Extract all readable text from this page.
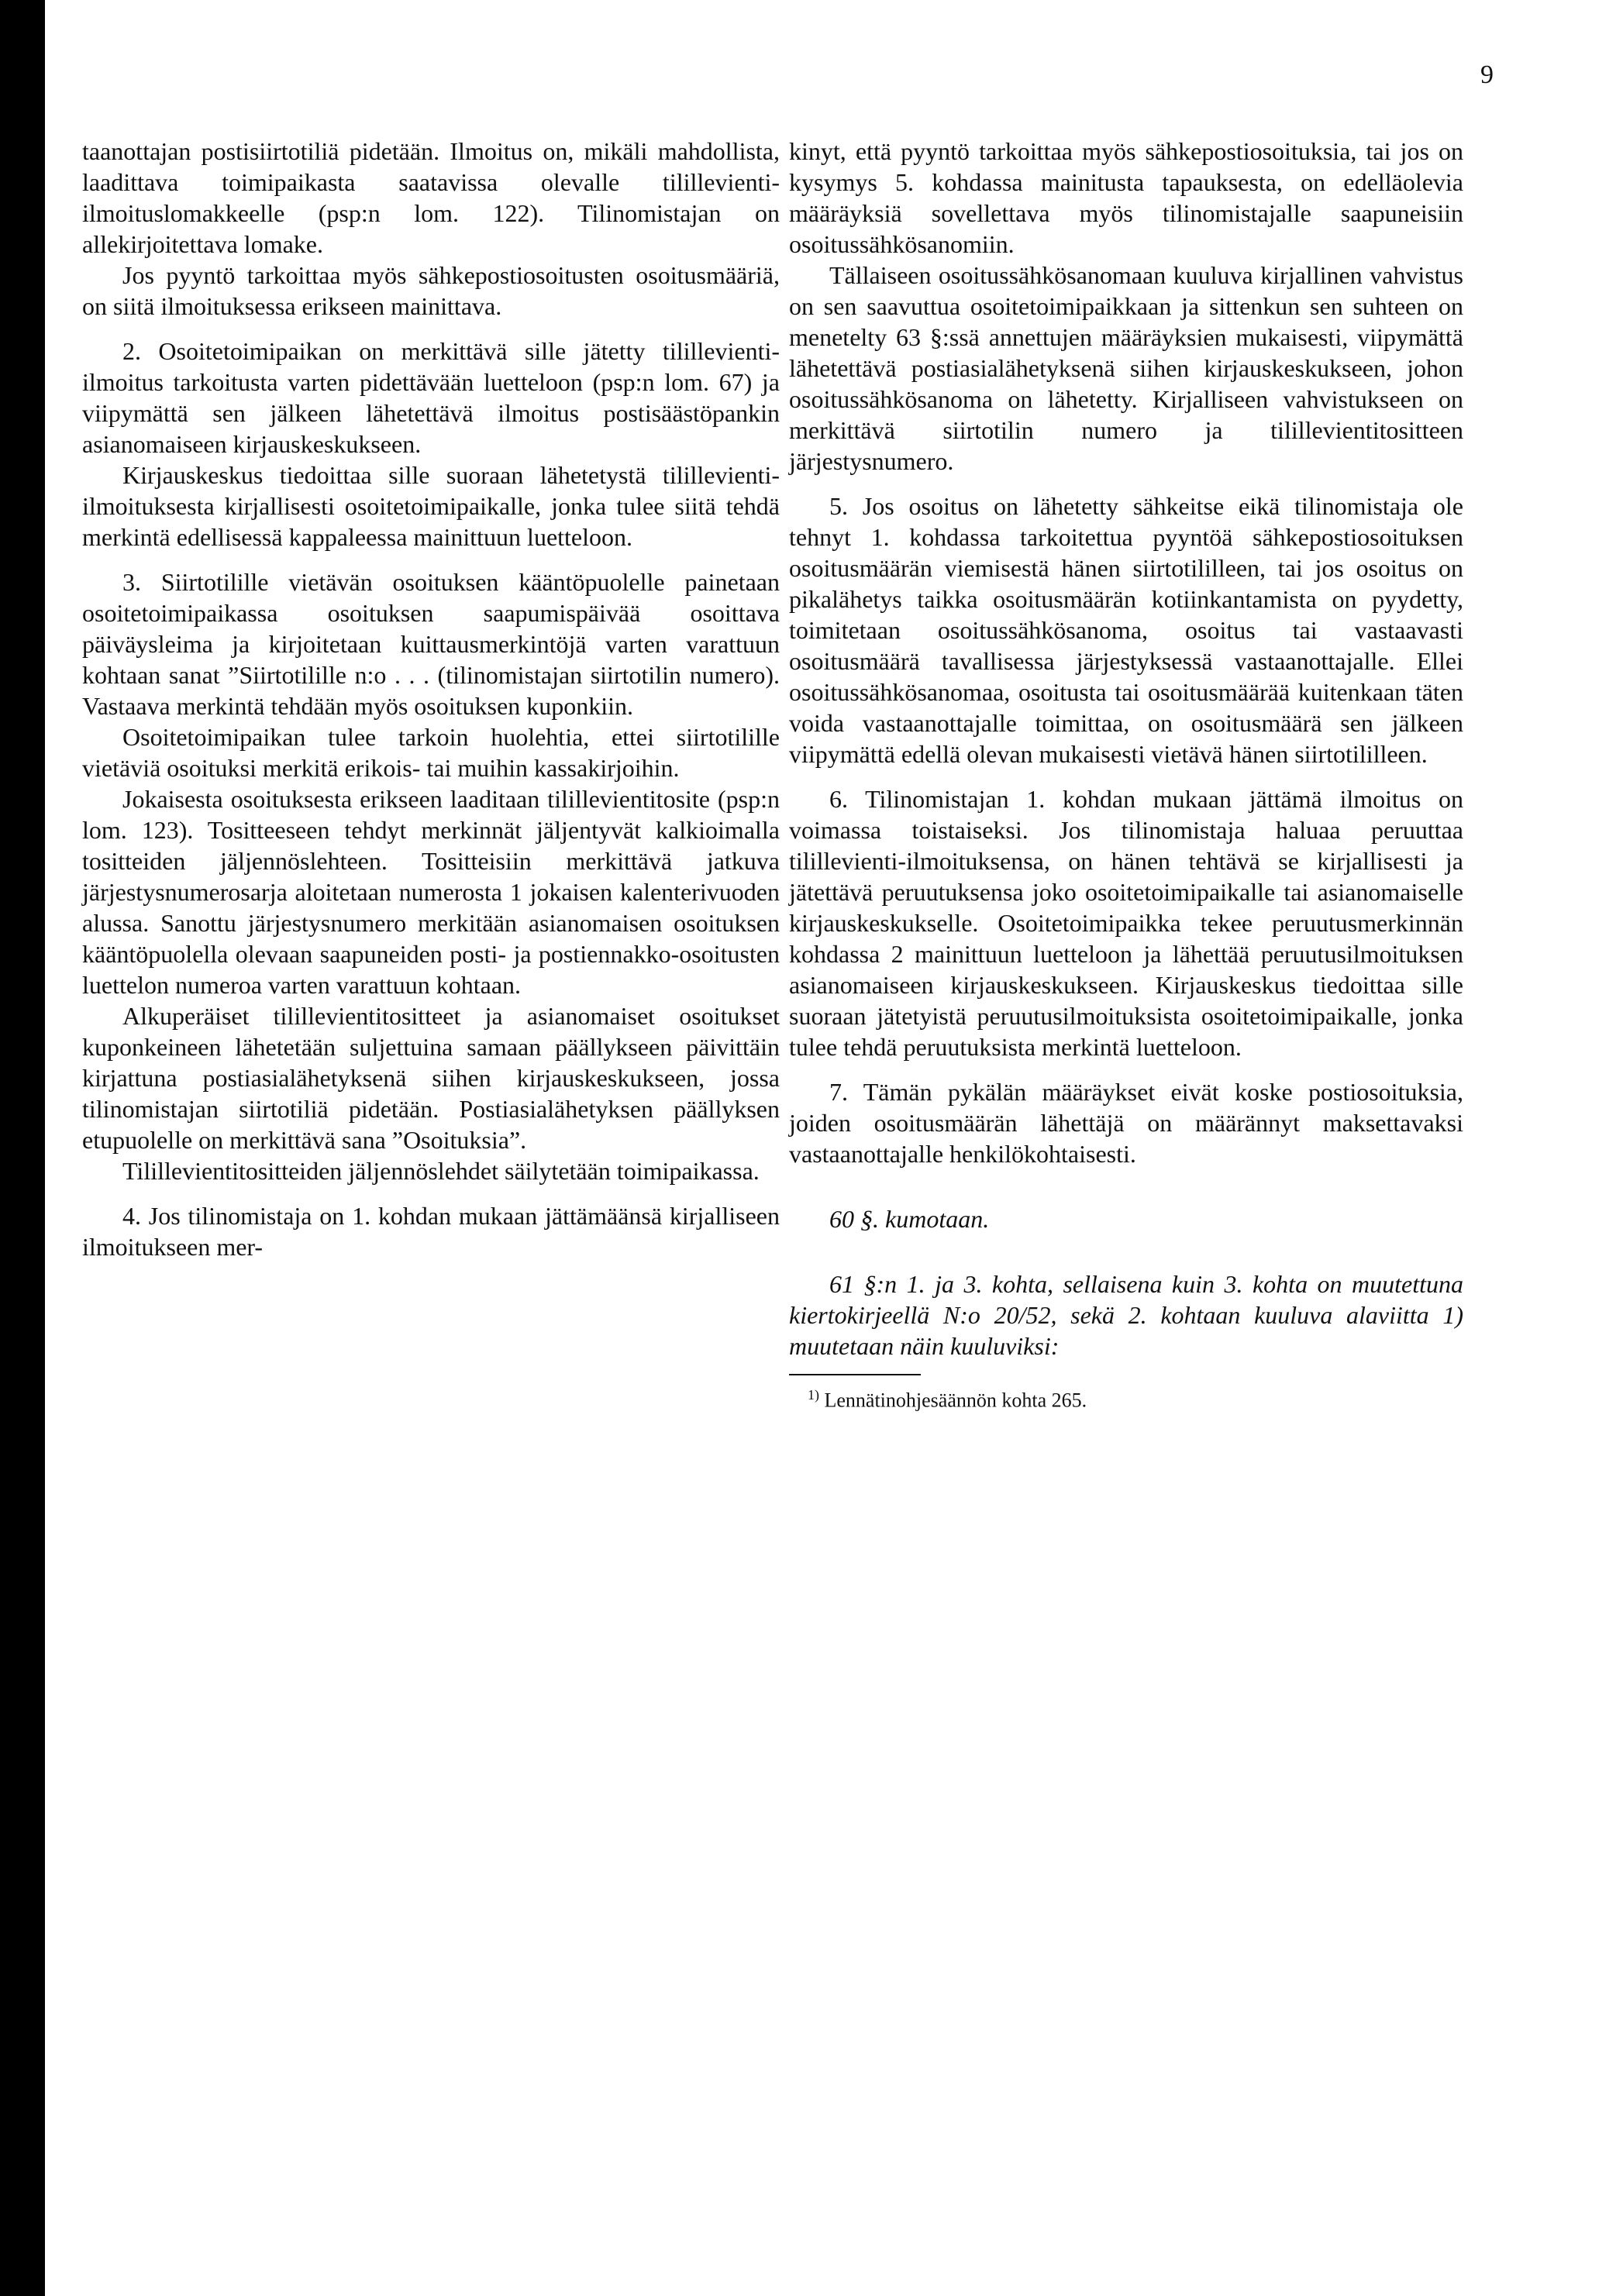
9

taanottajan postisiirtotiliä pidetään. Ilmoitus on, mikäli mahdollista, laadittava toimipaikasta saatavissa olevalle tilillevienti-ilmoituslomakkeelle (psp:n lom. 122). Tilinomistajan on allekirjoitettava lomake.

Jos pyyntö tarkoittaa myös sähkepostiosoitusten osoitusmääriä, on siitä ilmoituksessa erikseen mainittava.

2. Osoitetoimipaikan on merkittävä sille jätetty tilillevienti-ilmoitus tarkoitusta varten pidettävään luetteloon (psp:n lom. 67) ja viipymättä sen jälkeen lähetettävä ilmoitus postisäästöpankin asianomaiseen kirjauskeskukseen.

Kirjauskeskus tiedoittaa sille suoraan lähetetystä tilillevienti-ilmoituksesta kirjallisesti osoitetoimipaikalle, jonka tulee siitä tehdä merkintä edellisessä kappaleessa mainittuun luetteloon.

3. Siirtotilille vietävän osoituksen kääntöpuolelle painetaan osoitetoimipaikassa osoituksen saapumispäivää osoittava päiväysleima ja kirjoitetaan kuittausmerkintöjä varten varattuun kohtaan sanat ”Siirtotilille n:o . . . (tilinomistajan siirtotilin numero). Vastaava merkintä tehdään myös osoituksen kuponkiin.

Osoitetoimipaikan tulee tarkoin huolehtia, ettei siirtotilille vietäviä osoituksi merkitä erikois- tai muihin kassakirjoihin.

Jokaisesta osoituksesta erikseen laaditaan tilillevientitosite (psp:n lom. 123). Tositteeseen tehdyt merkinnät jäljentyvät kalkioimalla tositteiden jäljennöslehteen. Tositteisiin merkittävä jatkuva järjestysnumerosarja aloitetaan numerosta 1 jokaisen kalenterivuoden alussa. Sanottu järjestysnumero merkitään asianomaisen osoituksen kääntöpuolella olevaan saapuneiden posti- ja postiennakko-osoitusten luettelon numeroa varten varattuun kohtaan.

Alkuperäiset tilillevientitositteet ja asianomaiset osoitukset kuponkeineen lähetetään suljettuina samaan päällykseen päivittäin kirjattuna postiasialähetyksenä siihen kirjauskeskukseen, jossa tilinomistajan siirtotiliä pidetään. Postiasialähetyksen päällyksen etupuolelle on merkittävä sana ”Osoituksia”.

Tilillevientitositteiden jäljennöslehdet säilytetään toimipaikassa.

4. Jos tilinomistaja on 1. kohdan mukaan jättämäänsä kirjalliseen ilmoitukseen mer-

kinyt, että pyyntö tarkoittaa myös sähkepostiosoituksia, tai jos on kysymys 5. kohdassa mainitusta tapauksesta, on edelläolevia määräyksiä sovellettava myös tilinomistajalle saapuneisiin osoitussähkösanomiin.

Tällaiseen osoitussähkösanomaan kuuluva kirjallinen vahvistus on sen saavuttua osoitetoimipaikkaan ja sittenkun sen suhteen on menetelty 63 §:ssä annettujen määräyksien mukaisesti, viipymättä lähetettävä postiasialähetyksenä siihen kirjauskeskukseen, johon osoitussähkösanoma on lähetetty. Kirjalliseen vahvistukseen on merkittävä siirtotilin numero ja tilillevientitositteen järjestysnumero.

5. Jos osoitus on lähetetty sähkeitse eikä tilinomistaja ole tehnyt 1. kohdassa tarkoitettua pyyntöä sähkepostiosoituksen osoitusmäärän viemisestä hänen siirtotililleen, tai jos osoitus on pikalähetys taikka osoitusmäärän kotiinkantamista on pyydetty, toimitetaan osoitussähkösanoma, osoitus tai vastaavasti osoitusmäärä tavallisessa järjestyksessä vastaanottajalle. Ellei osoitussähkösanomaa, osoitusta tai osoitusmäärää kuitenkaan täten voida vastaanottajalle toimittaa, on osoitusmäärä sen jälkeen viipymättä edellä olevan mukaisesti vietävä hänen siirtotililleen.

6. Tilinomistajan 1. kohdan mukaan jättämä ilmoitus on voimassa toistaiseksi. Jos tilinomistaja haluaa peruuttaa tilillevienti-ilmoituksensa, on hänen tehtävä se kirjallisesti ja jätettävä peruutuksensa joko osoitetoimipaikalle tai asianomaiselle kirjauskeskukselle. Osoitetoimipaikka tekee peruutusmerkinnän kohdassa 2 mainittuun luetteloon ja lähettää peruutusilmoituksen asianomaiseen kirjauskeskukseen. Kirjauskeskus tiedoittaa sille suoraan jätetyistä peruutusilmoituksista osoitetoimipaikalle, jonka tulee tehdä peruutuksista merkintä luetteloon.

7. Tämän pykälän määräykset eivät koske postiosoituksia, joiden osoitusmäärän lähettäjä on määrännyt maksettavaksi vastaanottajalle henkilökohtaisesti.

60 §. kumotaan.

61 §:n 1. ja 3. kohta, sellaisena kuin 3. kohta on muutettuna kiertokirjeellä N:o 20/52, sekä 2. kohtaan kuuluva alaviitta 1) muutetaan näin kuuluviksi:

$^{1)}$ Lennätinohjesäännön kohta 265.
